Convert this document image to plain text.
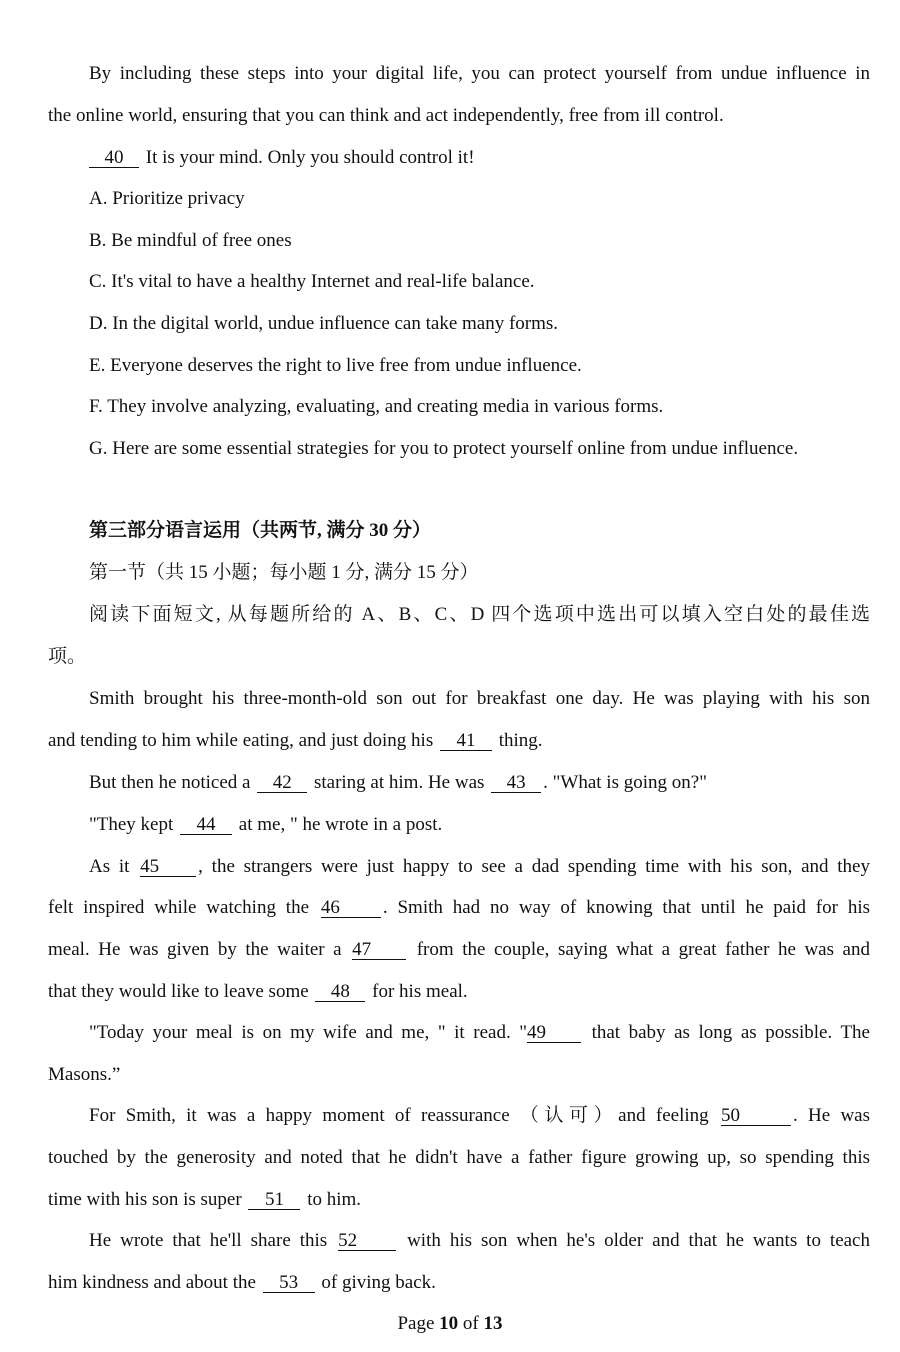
By including these steps into your digital life, you can protect yourself from undue influence in
the online world, ensuring that you can think and act independently, free from ill control.
40 It is your mind. Only you should control it!
A. Prioritize privacy
B. Be mindful of free ones
C. It's vital to have a healthy Internet and real-life balance.
D. In the digital world, undue influence can take many forms.
E. Everyone deserves the right to live free from undue influence.
F. They involve analyzing, evaluating, and creating media in various forms.
G. Here are some essential strategies for you to protect yourself online from undue influence.
第三部分语言运用（共两节, 满分 30 分）
第一节（共 15 小题；每小题 1 分, 满分 15 分）
阅读下面短文, 从每题所给的 A、B、C、D 四个选项中选出可以填入空白处的最佳选
项。
Smith brought his three-month-old son out for breakfast one day. He was playing with his son
and tending to him while eating, and just doing his 41 thing.
But then he noticed a 42 staring at him. He was 43 . "What is going on?"
"They kept 44 at me, " he wrote in a post.
As it 45 , the strangers were just happy to see a dad spending time with his son, and they
felt inspired while watching the 46 . Smith had no way of knowing that until he paid for his
meal. He was given by the waiter a 47 from the couple, saying what a great father he was and
that they would like to leave some 48 for his meal.
"Today your meal is on my wife and me, " it read. "49 that baby as long as possible. The
Masons.”
For Smith, it was a happy moment of reassurance （认可）and feeling 50	. He was
touched by the generosity and noted that he didn't have a father figure growing up, so spending this
time with his son is super 51 to him.
He wrote that he'll share this 52 with his son when he's older and that he wants to teach
him kindness and about the 53 of giving back.
Page 10 of 13
